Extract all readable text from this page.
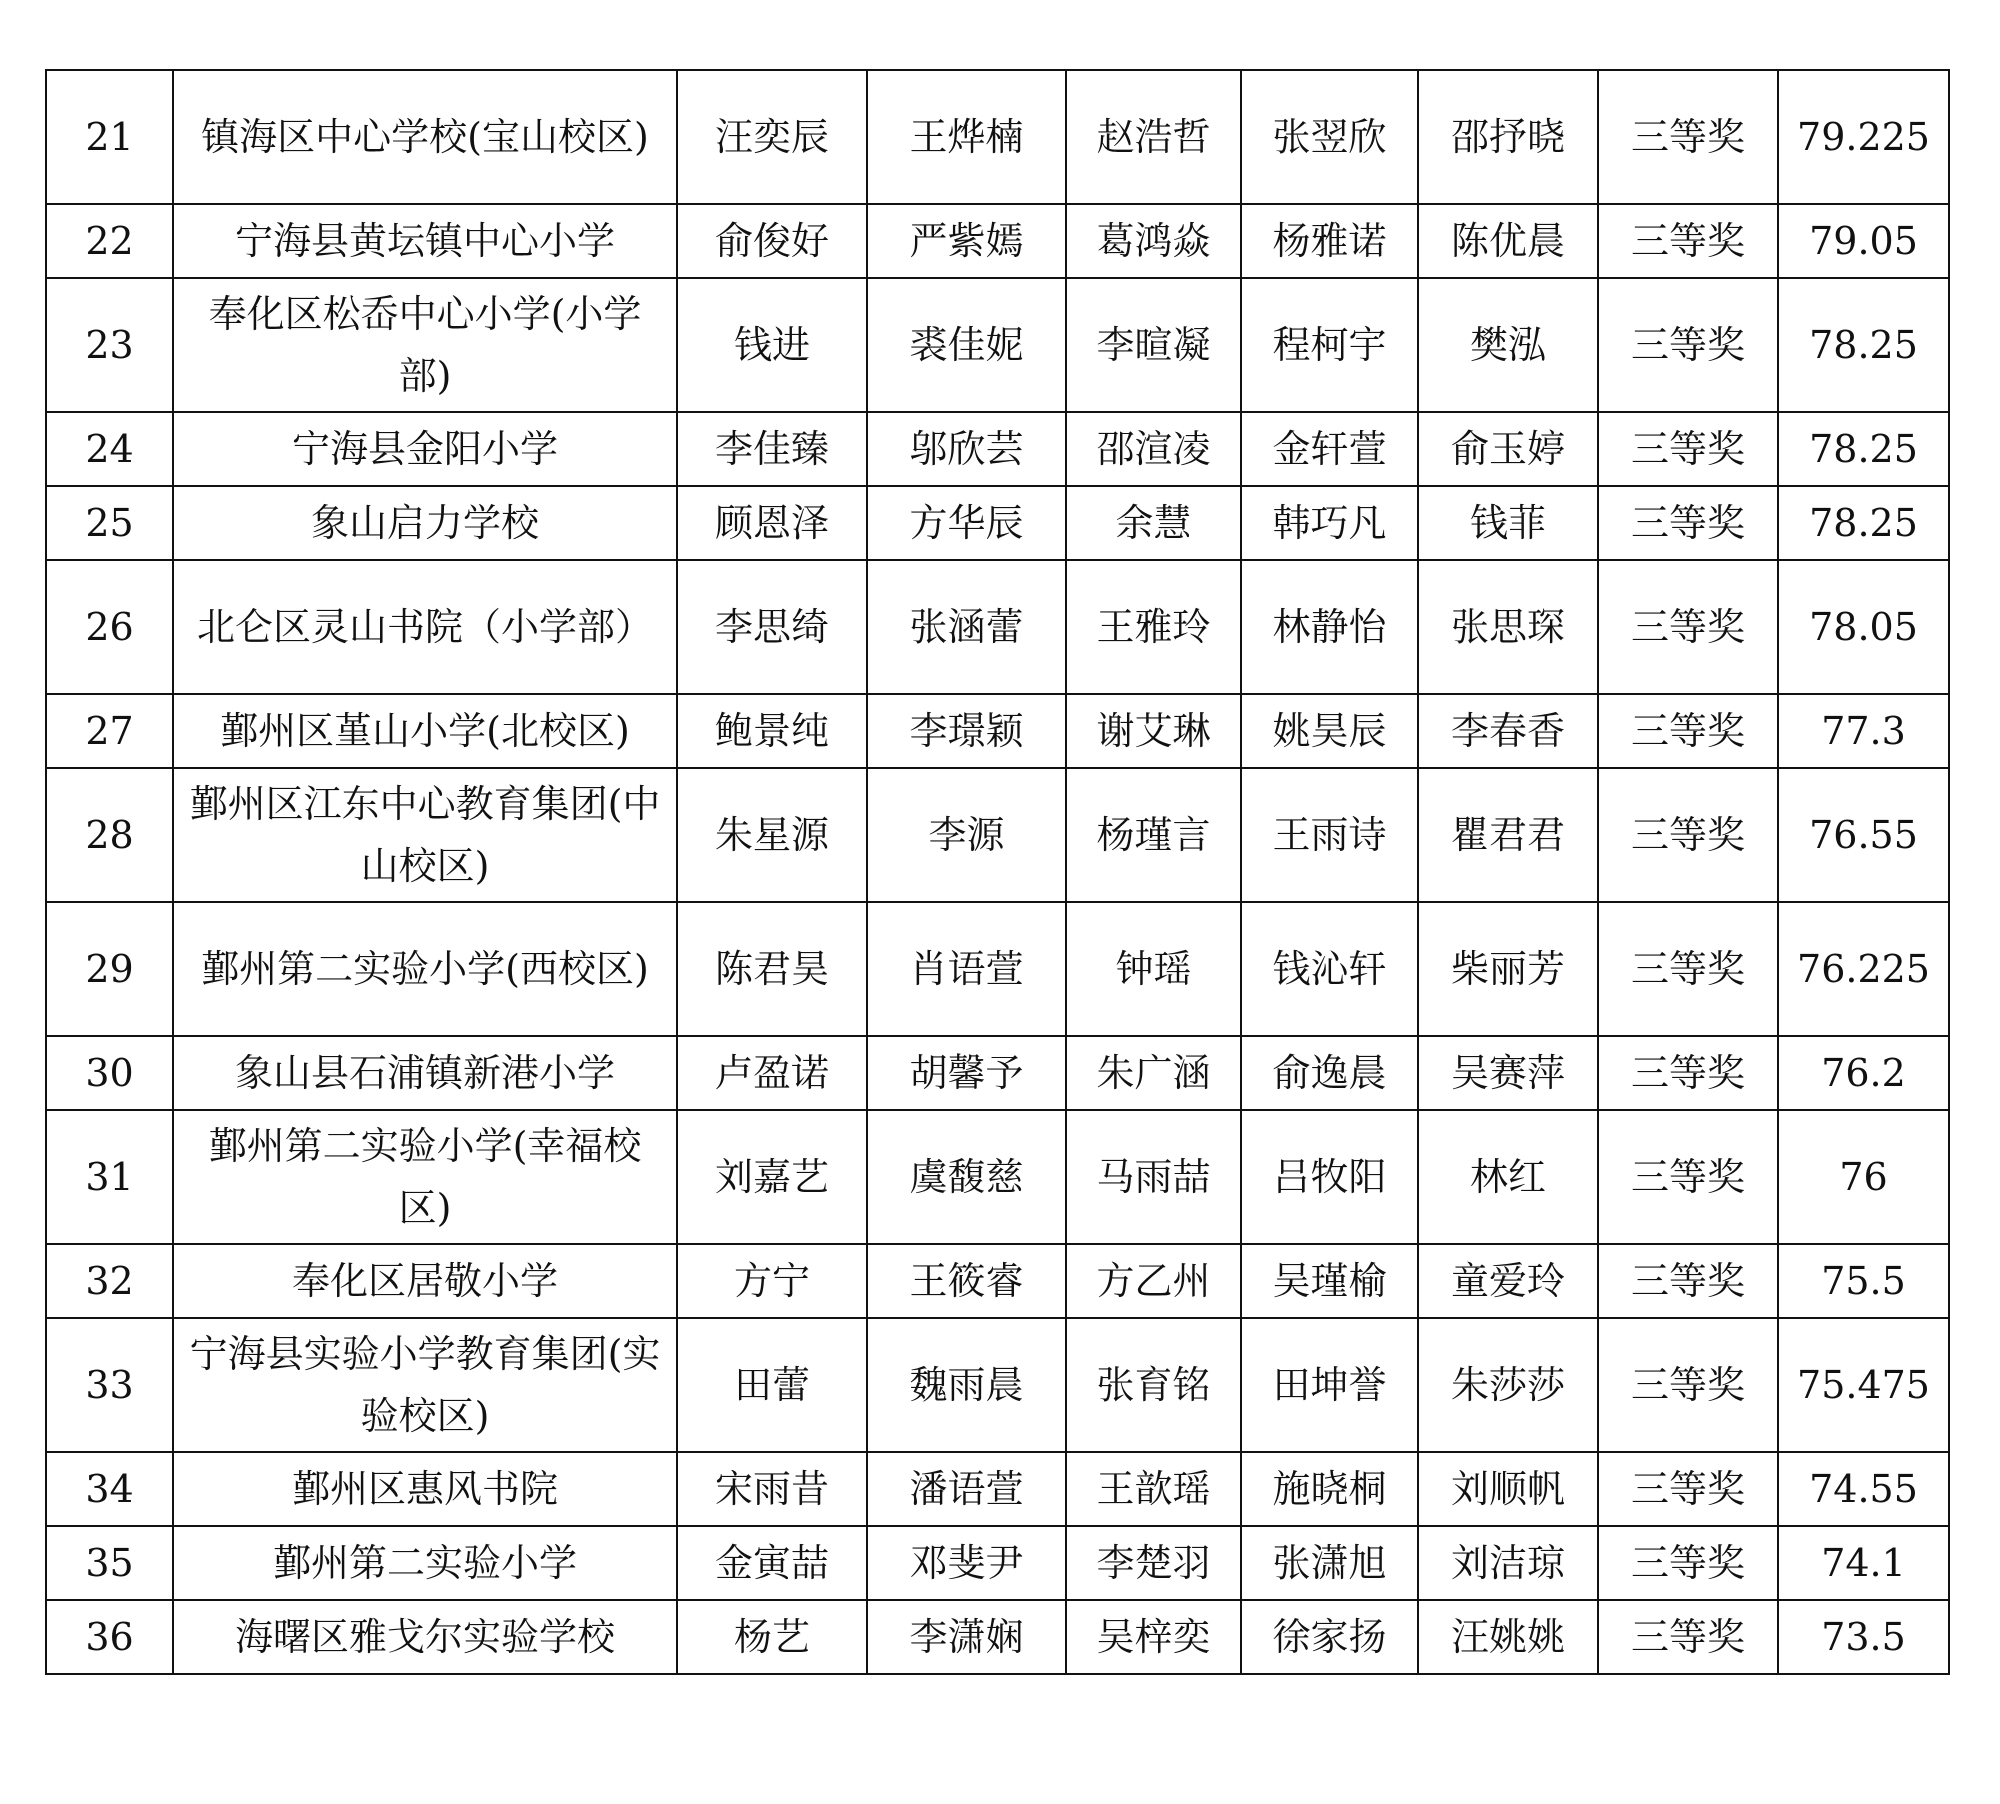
21	镇海区中心学校(宝山校区)	汪奕辰	王烨楠	赵浩哲	张翌欣	邵抒晓	三等奖	79.225
22	宁海县黄坛镇中心小学	俞俊好	严紫嫣	葛鸿焱	杨雅诺	陈优晨	三等奖	79.05
23	奉化区松岙中心小学(小学部)	钱进	裘佳妮	李暄凝	程柯宇	樊泓	三等奖	78.25
24	宁海县金阳小学	李佳臻	邬欣芸	邵渲凌	金轩萱	俞玉婷	三等奖	78.25
25	象山启力学校	顾恩泽	方华辰	余慧	韩巧凡	钱菲	三等奖	78.25
26	北仑区灵山书院（小学部）	李思绮	张涵蕾	王雅玲	林静怡	张思琛	三等奖	78.05
27	鄞州区堇山小学(北校区)	鲍景纯	李璟颖	谢艾琳	姚昊辰	李春香	三等奖	77.3
28	鄞州区江东中心教育集团(中山校区)	朱星源	李源	杨瑾言	王雨诗	瞿君君	三等奖	76.55
29	鄞州第二实验小学(西校区)	陈君昊	肖语萱	钟瑶	钱沁轩	柴丽芳	三等奖	76.225
30	象山县石浦镇新港小学	卢盈诺	胡馨予	朱广涵	俞逸晨	吴赛萍	三等奖	76.2
31	鄞州第二实验小学(幸福校区)	刘嘉艺	虞馥慈	马雨喆	吕牧阳	林红	三等奖	76
32	奉化区居敬小学	方宁	王筱睿	方乙州	吴瑾榆	童爱玲	三等奖	75.5
33	宁海县实验小学教育集团(实验校区)	田蕾	魏雨晨	张育铭	田坤誉	朱莎莎	三等奖	75.475
34	鄞州区惠风书院	宋雨昔	潘语萱	王歆瑶	施晓桐	刘顺帆	三等奖	74.55
35	鄞州第二实验小学	金寅喆	邓斐尹	李楚羽	张潇旭	刘洁琼	三等奖	74.1
36	海曙区雅戈尔实验学校	杨艺	李潇娴	吴梓奕	徐家扬	汪姚姚	三等奖	73.5
